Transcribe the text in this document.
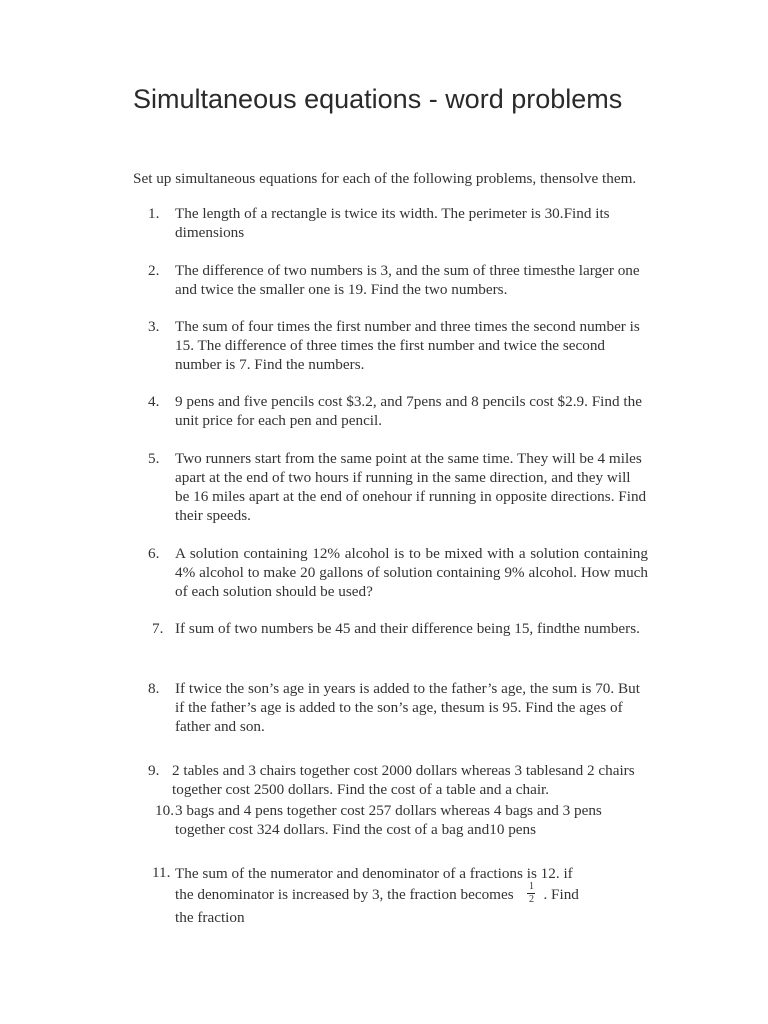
Simultaneous equations - word problems
Set up simultaneous equations for each of the following problems, thensolve them.
1.	The length of a rectangle is twice its width. The perimeter is 30.Find its dimensions
2.	The difference of two numbers is 3, and the sum of three timesthe larger one and twice the smaller one is 19. Find the two numbers.
3.	The sum of four times the first number and three times the second number is 15. The difference of three times the first number and twice the second number is 7. Find the numbers.
4.	9 pens and five pencils cost $3.2, and 7pens and 8 pencils cost $2.9. Find the unit price for each pen and pencil.
5.	Two runners start from the same point at the same time. They will be 4 miles apart at the end of two hours if running in the same direction, and they will be 16 miles apart at the end of onehour if running in opposite directions. Find their speeds.
6.	A solution containing 12% alcohol is to be mixed with a solution containing 4% alcohol to make 20 gallons of solution containing 9% alcohol. How much of each solution should be used?
7. If sum of two numbers be 45 and their difference being 15, findthe numbers.
8.	If twice the son’s age in years is added to the father’s age, the sum is 70. But if the father’s age is added to the son’s age, thesum is 95. Find the ages of father and son.
9. 2 tables and 3 chairs together cost 2000 dollars whereas 3 tablesand 2 chairs together cost 2500 dollars. Find the cost of a table and a chair.
10. 3 bags and 4 pens together cost 257 dollars whereas 4 bags and 3 pens together cost 324 dollars. Find the cost of a bag and10 pens
11. The sum of the numerator and denominator of a fractions is 12. if the denominator is increased by 3, the fraction becomes $\frac{1}{2}$ . Find the fraction
